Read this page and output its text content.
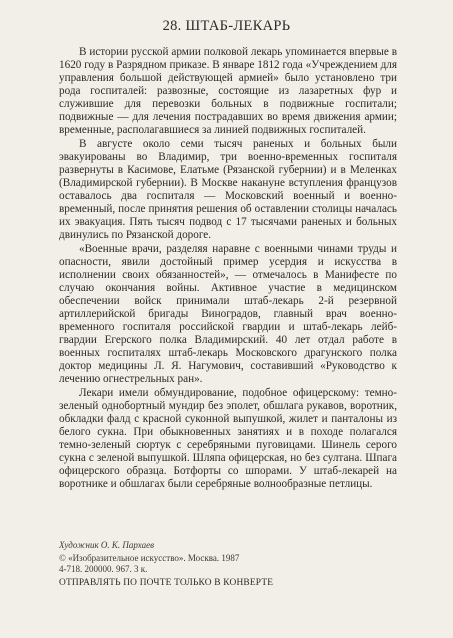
28. ШТАБ-ЛЕКАРЬ

В истории русской армии полковой лекарь упоминается впервые в 1620 году в Разрядном приказе. В январе 1812 года «Учреждением для управления большой действующей армией» было установлено три рода госпиталей: развозные, состоящие из лазаретных фур и служившие для перевозки больных в подвижные госпитали; подвижные — для лечения пострадавших во время движения армии; временные, располагавшиеся за линией подвижных госпиталей.

В августе около семи тысяч раненых и больных были эвакуированы во Владимир, три военно-временных госпиталя развернуты в Касимове, Елатьме (Рязанской губернии) и в Меленках (Владимирской губернии). В Москве накануне вступления французов оставалось два госпиталя — Московский военный и военно-временный, после принятия решения об оставлении столицы началась их эвакуация. Пять тысяч подвод с 17 тысячами раненых и больных двинулись по Рязанской дороге.

«Военные врачи, разделяя наравне с военными чинами труды и опасности, явили достойный пример усердия и искусства в исполнении своих обязанностей», — отмечалось в Манифесте по случаю окончания войны. Активное участие в медицинском обеспечении войск принимали штаб-лекарь 2-й резервной артиллерийской бригады Виноградов, главный врач военно-временного госпиталя российской гвардии и штаб-лекарь лейб-гвардии Егерского полка Владимирский. 40 лет отдал работе в военных госпиталях штаб-лекарь Московского драгунского полка доктор медицины Л. Я. Нагумович, составивший «Руководство к лечению огнестрельных ран».

Лекари имели обмундирование, подобное офицерскому: темно-зеленый однобортный мундир без эполет, обшлага рукавов, воротник, обкладки фалд с красной суконной выпушкой, жилет и панталоны из белого сукна. При обыкновенных занятиях и в походе полагался темно-зеленый сюртук с серебряными пуговицами. Шинель серого сукна с зеленой выпушкой. Шляпа офицерская, но без султана. Шпага офицерского образца. Ботфорты со шпорами. У штаб-лекарей на воротнике и обшлагах были серебряные волнообразные петлицы.

Художник О. К. Пархаев
© «Изобразительное искусство». Москва. 1987
4-718. 200000. 967. 3 к.
ОТПРАВЛЯТЬ ПО ПОЧТЕ ТОЛЬКО В КОНВЕРТЕ
